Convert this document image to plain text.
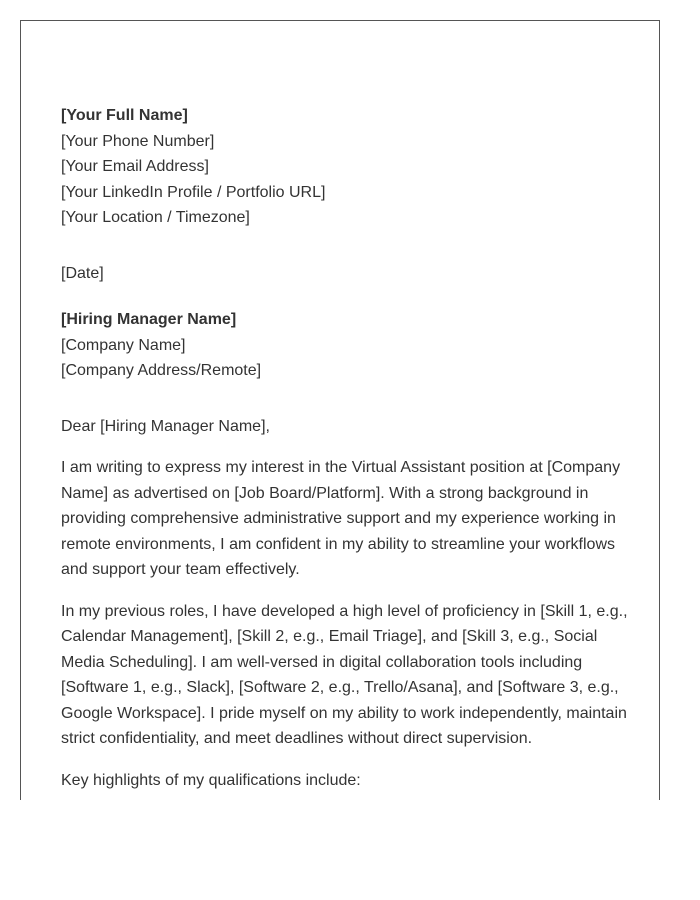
[Your Full Name]
[Your Phone Number]
[Your Email Address]
[Your LinkedIn Profile / Portfolio URL]
[Your Location / Timezone]
[Date]
[Hiring Manager Name]
[Company Name]
[Company Address/Remote]
Dear [Hiring Manager Name],

I am writing to express my interest in the Virtual Assistant position at [Company Name] as advertised on [Job Board/Platform]. With a strong background in providing comprehensive administrative support and my experience working in remote environments, I am confident in my ability to streamline your workflows and support your team effectively.

In my previous roles, I have developed a high level of proficiency in [Skill 1, e.g., Calendar Management], [Skill 2, e.g., Email Triage], and [Skill 3, e.g., Social Media Scheduling]. I am well-versed in digital collaboration tools including [Software 1, e.g., Slack], [Software 2, e.g., Trello/Asana], and [Software 3, e.g., Google Workspace]. I pride myself on my ability to work independently, maintain strict confidentiality, and meet deadlines without direct supervision.

Key highlights of my qualifications include:
